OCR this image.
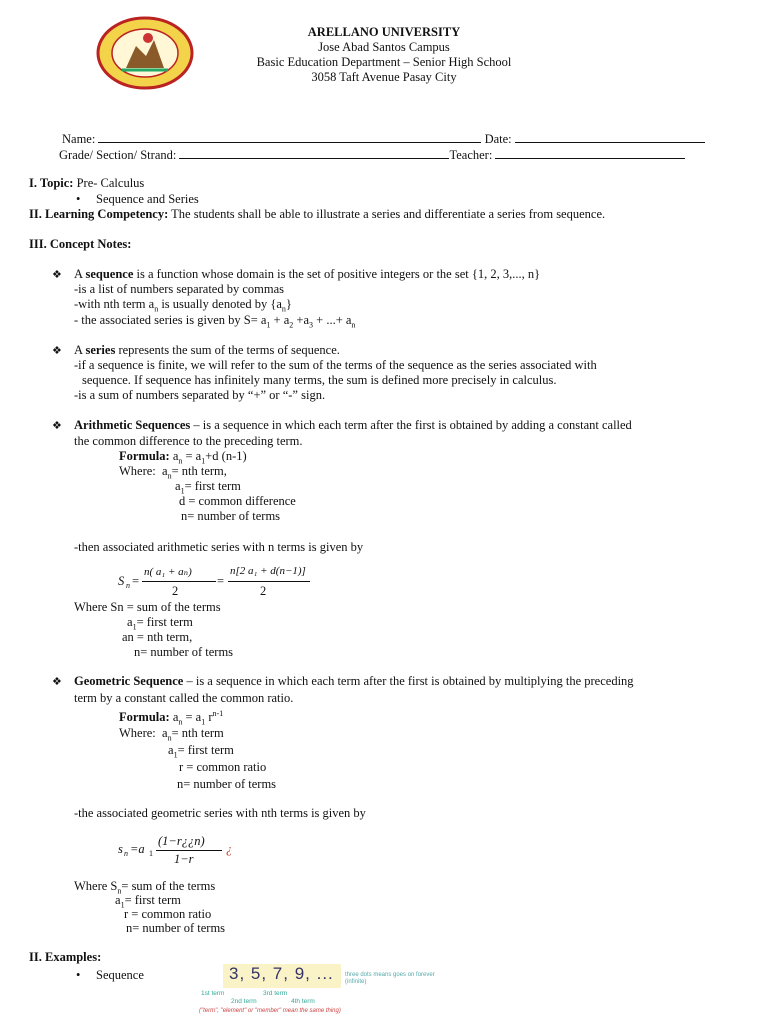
ARELLANO UNIVERSITY
Jose Abad Santos Campus
Basic Education Department – Senior High School
3058 Taft Avenue Pasay City
Name:	Date:
Grade/ Section/ Strand:	Teacher:
I. Topic: Pre- Calculus
• Sequence and Series
II. Learning Competency: The students shall be able to illustrate a series and differentiate a series from sequence.
III. Concept Notes:
❖ A sequence is a function whose domain is the set of positive integers or the set {1, 2, 3,..., n}
-is a list of numbers separated by commas
-with nth term $a_n$ is usually denoted by $\{a_n\}$
- the associated series is given by $S= a_1 + a_2 +a_3$ + ...+ $a_n$
❖ A series represents the sum of the terms of sequence.
-if a sequence is finite, we will refer to the sum of the terms of the sequence as the series associated with
sequence. If sequence has infinitely many terms, the sum is defined more precisely in calculus.
-is a sum of numbers separated by “+” or “-” sign.
❖ Arithmetic Sequences – is a sequence in which each term after the first is obtained by adding a constant called
the common difference to the preceding term.
Formula: $a_n = a_1+d$ (n-1)
Where: $a_n=$ nth term,
$a_1=$ first term
d = common difference
n= number of terms
-then associated arithmetic series with n terms is given by
S n =
n( a₁ + aₙ)
2
=
n[2 a₁ + d(n−1)]
2
Where Sn = sum of the terms
$a_1=$ first term
an = nth term,
n= number of terms
❖ Geometric Sequence – is a sequence in which each term after the first is obtained by multiplying the preceding
term by a constant called the common ratio.
Formula: $a_n = a_1$ $r^{n-1}$
Where: $a_n=$ nth term
$a_1=$ first term
r = common ratio
n= number of terms
-the associated geometric series with nth terms is given by
s n =a 1
(1−r¿¿n)
1−r
¿
Where $S_n=$ sum of the terms
$a_1=$ first term
r = common ratio
n= number of terms
II. Examples:
• Sequence	3, 5, 7, 9, ...
1st term
2nd term
3rd term
4th term
three dots means goes on forever (infinite)
("term", "element" or "member" mean the same thing)
